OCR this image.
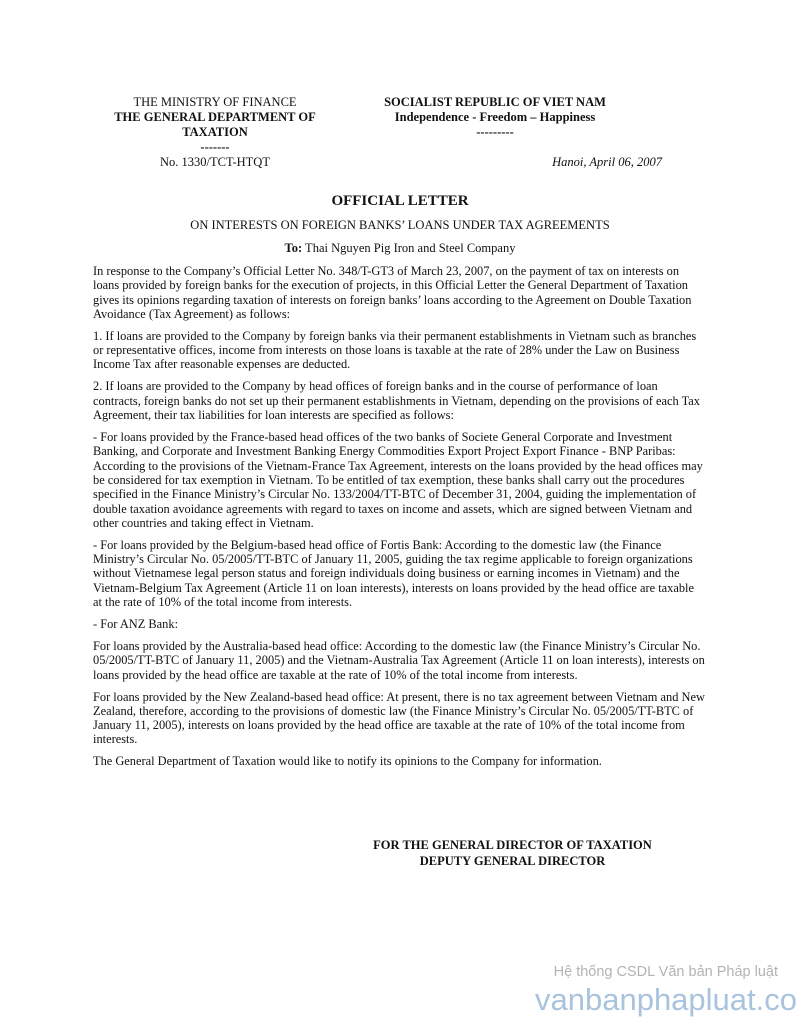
THE MINISTRY OF FINANCE
THE GENERAL DEPARTMENT OF
TAXATION
-------
SOCIALIST REPUBLIC OF VIET NAM
Independence - Freedom – Happiness
---------
No. 1330/TCT-HTQT	Hanoi, April 06, 2007
OFFICIAL LETTER
ON INTERESTS ON FOREIGN BANKS’ LOANS UNDER TAX AGREEMENTS
To: Thai Nguyen Pig Iron and Steel Company

In response to the Company’s Official Letter No. 348/T-GT3 of March 23, 2007, on the payment of tax on interests on loans provided by foreign banks for the execution of projects, in this Official Letter the General Department of Taxation gives its opinions regarding taxation of interests on foreign banks’ loans according to the Agreement on Double Taxation Avoidance (Tax Agreement) as follows:

1. If loans are provided to the Company by foreign banks via their permanent establishments in Vietnam such as branches or representative offices, income from interests on those loans is taxable at the rate of 28% under the Law on Business Income Tax after reasonable expenses are deducted.

2. If loans are provided to the Company by head offices of foreign banks and in the course of performance of loan contracts, foreign banks do not set up their permanent establishments in Vietnam, depending on the provisions of each Tax Agreement, their tax liabilities for loan interests are specified as follows:

- For loans provided by the France-based head offices of the two banks of Societe General Corporate and Investment Banking, and Corporate and Investment Banking Energy Commodities Export Project Export Finance - BNP Paribas: According to the provisions of the Vietnam-France Tax Agreement, interests on the loans provided by the head offices may be considered for tax exemption in Vietnam. To be entitled of tax exemption, these banks shall carry out the procedures specified in the Finance Ministry’s Circular No. 133/2004/TT-BTC of December 31, 2004, guiding the implementation of double taxation avoidance agreements with regard to taxes on income and assets, which are signed between Vietnam and other countries and taking effect in Vietnam.

- For loans provided by the Belgium-based head office of Fortis Bank: According to the domestic law (the Finance Ministry’s Circular No. 05/2005/TT-BTC of January 11, 2005, guiding the tax regime applicable to foreign organizations without Vietnamese legal person status and foreign individuals doing business or earning incomes in Vietnam) and the Vietnam-Belgium Tax Agreement (Article 11 on loan interests), interests on loans provided by the head office are taxable at the rate of 10% of the total income from interests.

- For ANZ Bank:

For loans provided by the Australia-based head office: According to the domestic law (the Finance Ministry’s Circular No. 05/2005/TT-BTC of January 11, 2005) and the Vietnam-Australia Tax Agreement (Article 11 on loan interests), interests on loans provided by the head office are taxable at the rate of 10% of the total income from interests.

For loans provided by the New Zealand-based head office: At present, there is no tax agreement between Vietnam and New Zealand, therefore, according to the provisions of domestic law (the Finance Ministry’s Circular No. 05/2005/TT-BTC of January 11, 2005), interests on loans provided by the head office are taxable at the rate of 10% of the total income from interests.

The General Department of Taxation would like to notify its opinions to the Company for information.

FOR THE GENERAL DIRECTOR OF TAXATION
DEPUTY GENERAL DIRECTOR
Hệ thống CSDL Văn bản Pháp luật
vanbanphapluat.co
